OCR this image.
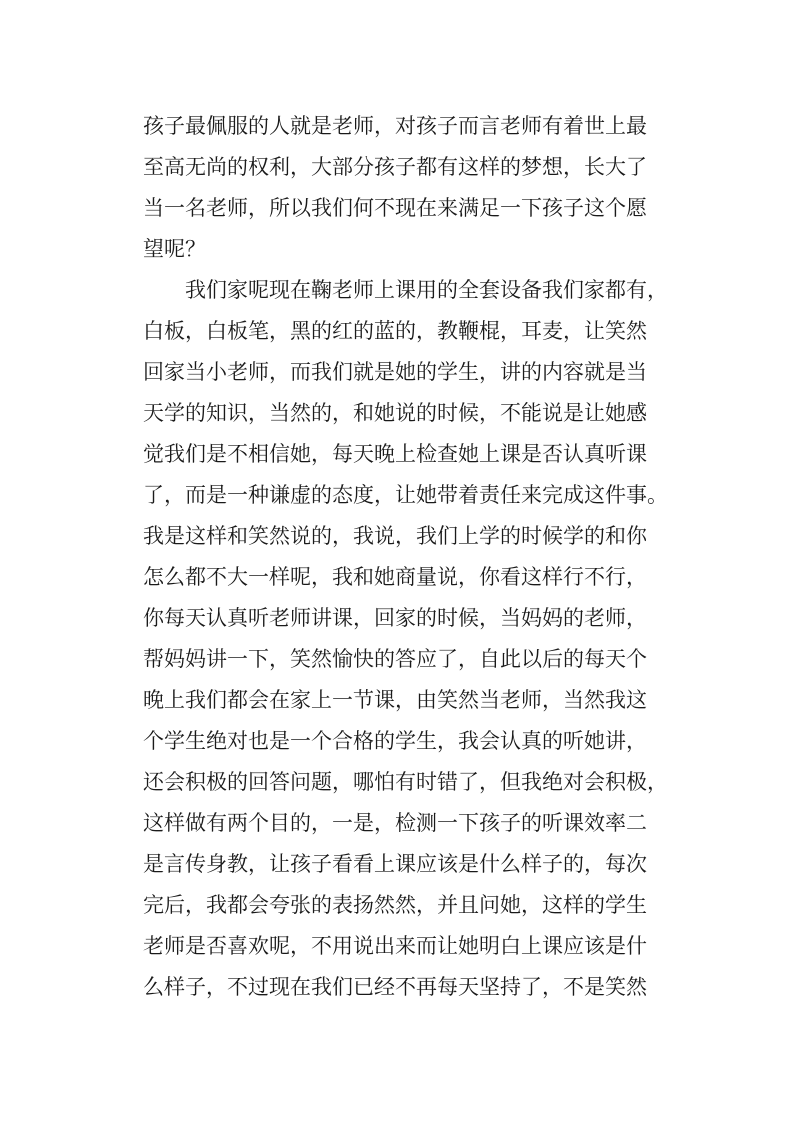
孩子最佩服的人就是老师，对孩子而言老师有着世上最
至高无尚的权利，大部分孩子都有这样的梦想，长大了
当一名老师，所以我们何不现在来满足一下孩子这个愿
望呢？
我们家呢现在鞠老师上课用的全套设备我们家都有，
白板，白板笔，黑的红的蓝的，教鞭棍，耳麦，让笑然
回家当小老师，而我们就是她的学生，讲的内容就是当
天学的知识，当然的，和她说的时候，不能说是让她感
觉我们是不相信她，每天晚上检查她上课是否认真听课
了，而是一种谦虚的态度，让她带着责任来完成这件事。
我是这样和笑然说的，我说，我们上学的时候学的和你
怎么都不大一样呢，我和她商量说，你看这样行不行，
你每天认真听老师讲课，回家的时候，当妈妈的老师，
帮妈妈讲一下，笑然愉快的答应了，自此以后的每天个
晚上我们都会在家上一节课，由笑然当老师，当然我这
个学生绝对也是一个合格的学生，我会认真的听她讲，
还会积极的回答问题，哪怕有时错了，但我绝对会积极，
这样做有两个目的，一是，检测一下孩子的听课效率二
是言传身教，让孩子看看上课应该是什么样子的，每次
完后，我都会夸张的表扬然然，并且问她，这样的学生
老师是否喜欢呢，不用说出来而让她明白上课应该是什
么样子，不过现在我们已经不再每天坚持了，不是笑然
